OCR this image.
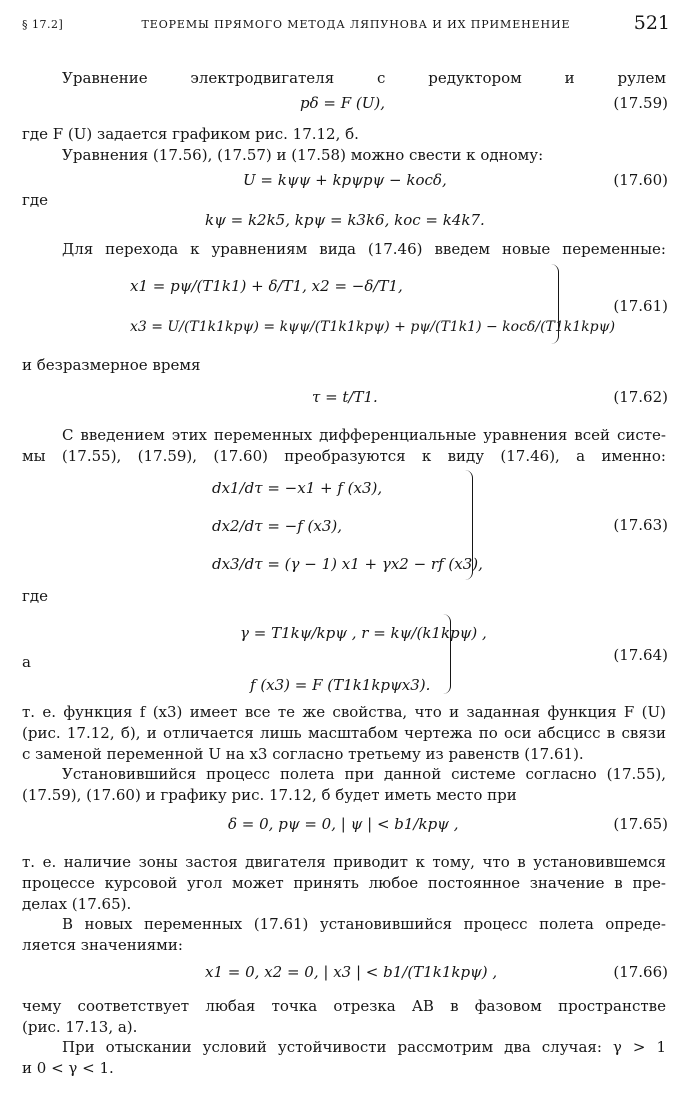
§ 17.2]	ТЕОРЕМЫ ПРЯМОГО МЕТОДА ЛЯПУНОВА И ИХ ПРИМЕНЕНИЕ	521
Уравнение электродвигателя с редуктором и рулем
pδ = F (U),	(17.59)
где F (U) задается графиком рис. 17.12, б.
Уравнения (17.56), (17.57) и (17.58) можно свести к одному:
U = kψψ + kpψpψ − kocδ,	(17.60)
где
kψ = k2k5, kpψ = k3k6, koc = k4k7.
Для перехода к уравнениям вида (17.46) введем новые переменные:
x1 = pψ/(T1k1) + δ/T1, x2 = −δ/T1,
x3 = U/(T1k1kpψ) = kψψ/(T1k1kpψ) + pψ/(T1k1) − kocδ/(T1k1kpψ)
(17.61)
и безразмерное время
τ = t/T1.	(17.62)
С введением этих переменных дифференциальные уравнения всей систе-
мы (17.55), (17.59), (17.60) преобразуются к виду (17.46), а именно:
dx1/dτ = −x1 + f (x3),
dx2/dτ = −f (x3),
dx3/dτ = (γ − 1) x1 + γx2 − rf (x3),
(17.63)
где
γ = T1kψ/kpψ , r = kψ/(k1kpψ) ,
а
f (x3) = F (T1k1kpψx3).
(17.64)
т. е. функция f (x3) имеет все те же свойства, что и заданная функция F (U)
(рис. 17.12, б), и отличается лишь масштабом чертежа по оси абсцисс в связи
с заменой переменной U на x3 согласно третьему из равенств (17.61).
Установившийся процесс полета при данной системе согласно (17.55),
(17.59), (17.60) и графику рис. 17.12, б будет иметь место при
δ = 0, pψ = 0, | ψ | < b1/kpψ ,	(17.65)
т. е. наличие зоны застоя двигателя приводит к тому, что в установившемся
процессе курсовой угол может принять любое постоянное значение в пре-
делах (17.65).
В новых переменных (17.61) установившийся процесс полета опреде-
ляется значениями:
x1 = 0, x2 = 0, | x3 | < b1/(T1k1kpψ) ,	(17.66)
чему соответствует любая точка отрезка AB в фазовом пространстве
(рис. 17.13, а).
При отыскании условий устойчивости рассмотрим два случая: γ > 1
и 0 < γ < 1.
